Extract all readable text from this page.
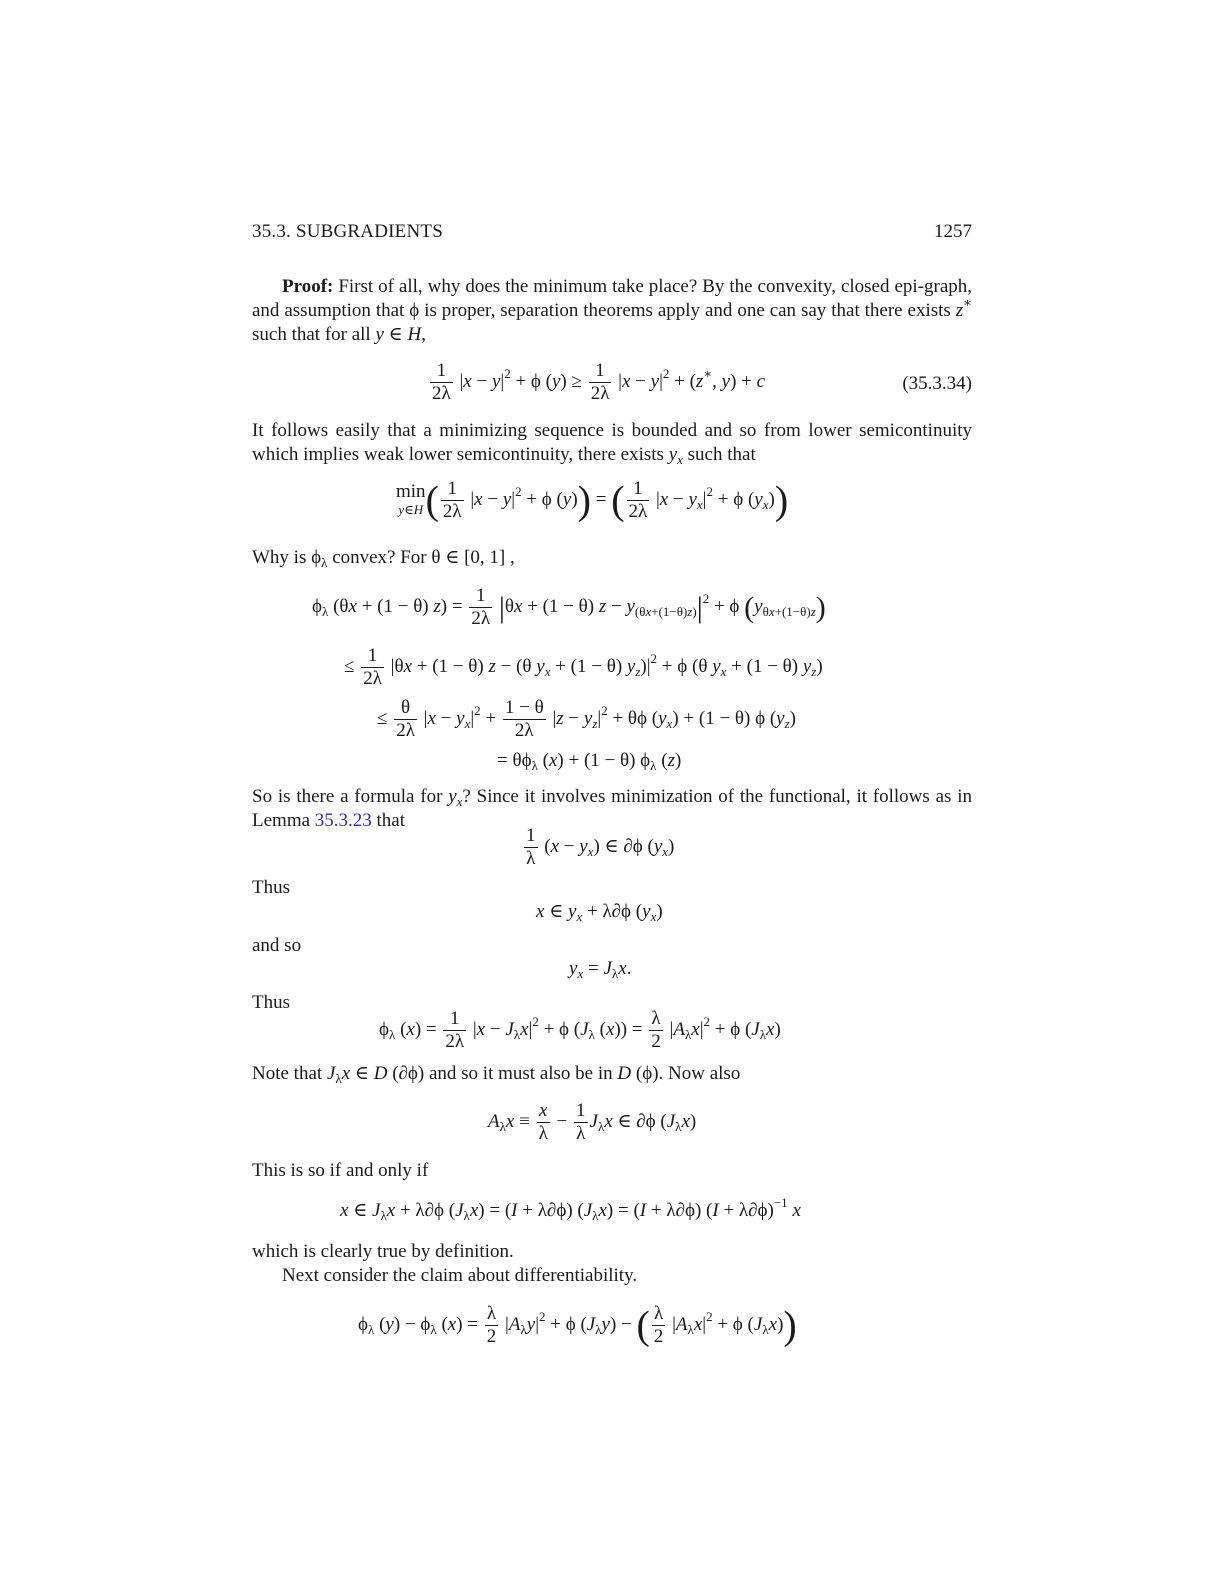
35.3. SUBGRADIENTS	1257
Proof: First of all, why does the minimum take place? By the convexity, closed epi-graph, and assumption that ϕ is proper, separation theorems apply and one can say that there exists z∗ such that for all y ∈ H,
$\frac{1}{2\lambda} |x - y|^2 + \phi$ $(y) \ge \frac{1}{2\lambda} |x - y|^2 + (z^∗$, y) + c	(35.3.34)
It follows easily that a minimizing sequence is bounded and so from lower semicontinuity which implies weak lower semicontinuity, there exists $y_x$ such that
min
y∈H ( $\frac{1}{2\lambda} |x - y|^2 + \phi$ (y)) = ( $\frac{1}{2\lambda} |x - y_x|^2 + \phi$ $(y_x)$)
Why is $\phi_\lambda$ convex? For θ ∈ [0, 1] ,
$\phi_\lambda$ (θx + (1 − θ) $z) = \frac{1}{2\lambda} |\theta x + (1 - \theta) z - y_{(\theta x+(1-\theta)z)}|^2 + \phi$ $(y_{\theta x+(1-\theta)z})$
≤ $\frac{1}{2\lambda} |\theta x + (1 - \theta) z - (\theta$ $y_x + (1 - \theta) y_z)|^2 + \phi$ (θ $y_x + (1 - \theta)$ $y_z$)
≤ $\frac{\theta}{2\lambda} |x - y_x|^2 + \frac{1 - \theta}{2\lambda} |z - y_z|^2 + \theta\phi$ $(y_x) + (1 - \theta)$ ϕ $(y_z)$
= $\theta\phi_\lambda$ (x) + (1 − θ) $\phi_\lambda$ (z)
So is there a formula for $y_x$? Since it involves minimization of the functional, it follows as in Lemma 35.3.23 that
$\frac{1}{\lambda} (x - y_x)$ ∈ ∂ϕ $(y_x)$
Thus
x ∈ $y_x + \lambda\partial\phi$ $(y_x)$
and so
$y_x = J_\lambda x$.
Thus
$\phi_\lambda$ $(x) = \frac{1}{2\lambda} |x - J_\lambda x|^2 + \phi$ ($J_\lambda$ $(x)) = \frac{\lambda}{2} |A_\lambda x|^2 + \phi$ $(J_\lambda x)$
Note that $J_\lambda x$ ∈ D (∂ϕ) and so it must also be in D (ϕ). Now also
$A_\lambda x \equiv \frac{x}{\lambda} - \frac{1}{\lambda} J_\lambda x$ ∈ ∂ϕ $(J_\lambda x)$
This is so if and only if
x ∈ $J_\lambda x + \lambda\partial\phi$ $(J_\lambda x) = (I + \lambda\partial\phi) (J_\lambda x) = (I + \lambda\partial\phi) (I + \lambda\partial\phi)^{-1}$ x
which is clearly true by definition.
Next consider the claim about differentiability.
$\phi_\lambda$ $(y) - \phi_\lambda$ $(x) = \frac{\lambda}{2} |A_\lambda y|^2 + \phi$ $(J_\lambda y)$ − ( $\frac{\lambda}{2} |A_\lambda x|^2 + \phi$ $(J_\lambda x)$)
